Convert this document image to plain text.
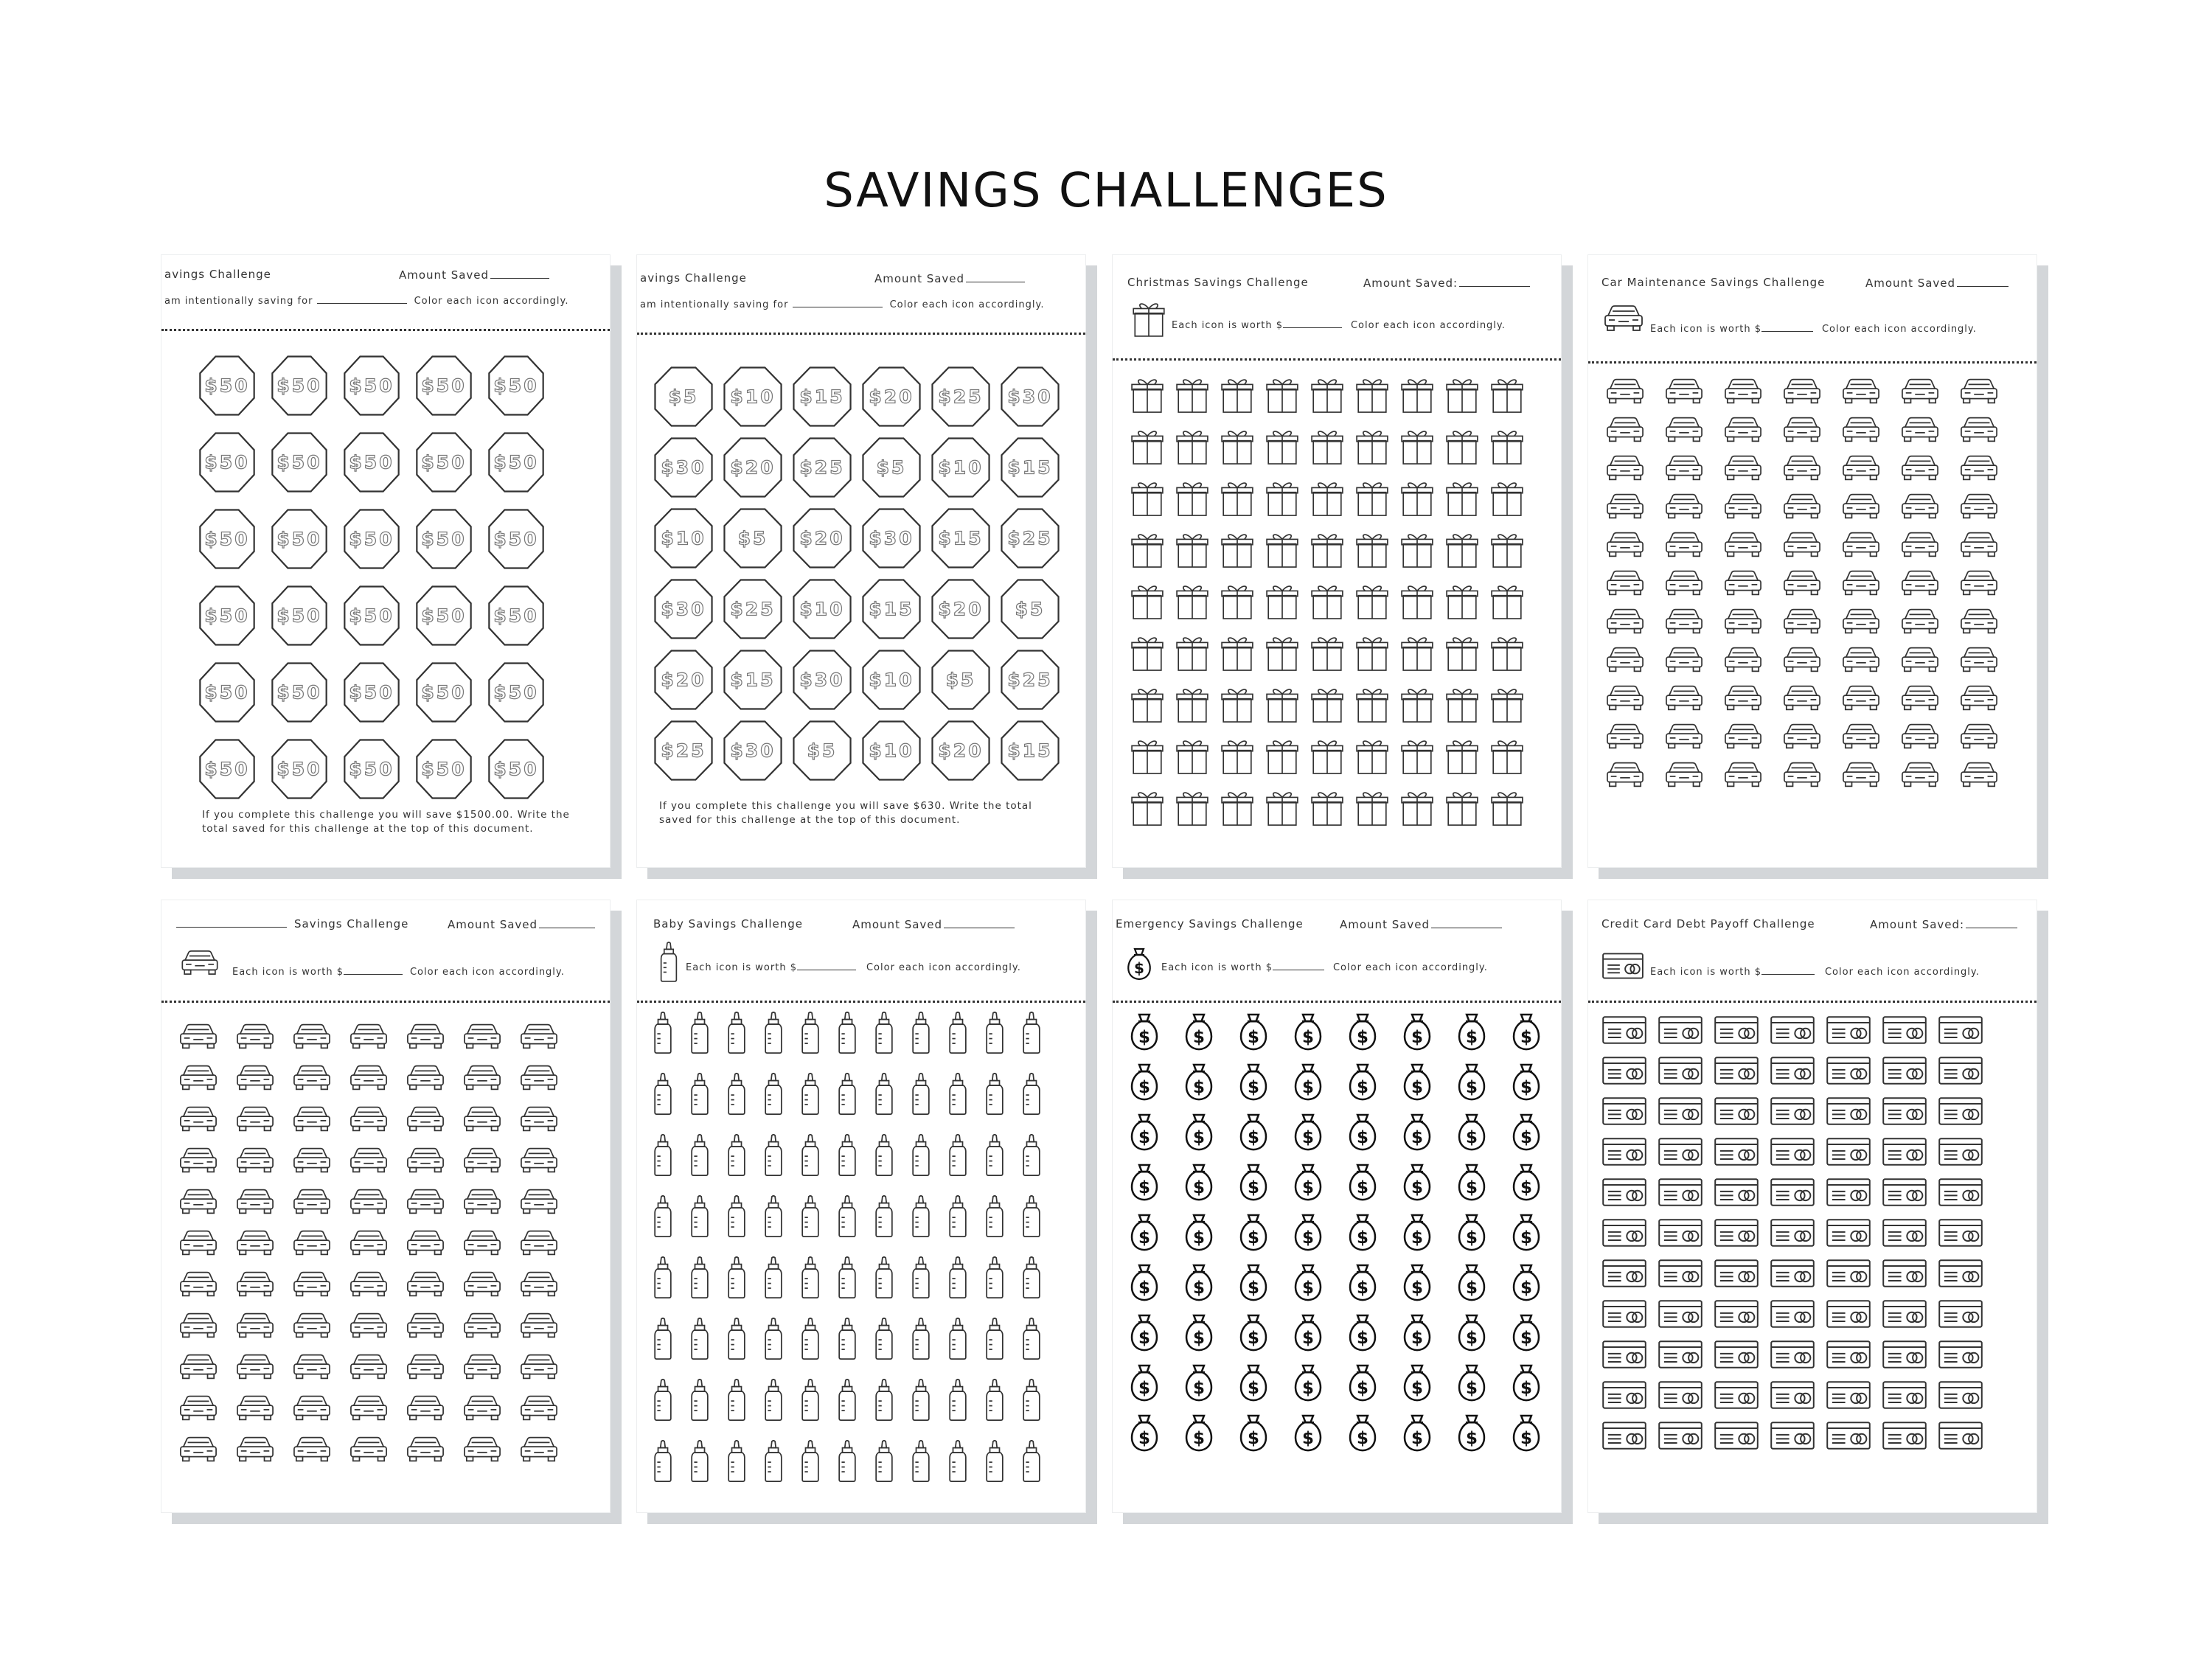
SAVINGS CHALLENGES
avings Challenge	Amount Saved
am intentionally saving for	Color each icon accordingly.
$50	$50	$50	$50	$50
$50	$50	$50	$50	$50
$50	$50	$50	$50	$50
$50	$50	$50	$50	$50
$50	$50	$50	$50	$50
$50	$50	$50	$50	$50
If you complete this challenge you will save $1500.00. Write the total saved for this challenge at the top of this document.
avings Challenge	Amount Saved
am intentionally saving for	Color each icon accordingly.
$5	$10	$15	$20	$25	$30
$30	$20	$25	$5	$10	$15
$10	$5	$20	$30	$15	$25
$30	$25	$10	$15	$20	$5
$20	$15	$30	$10	$5	$25
$25	$30	$5	$10	$20	$15
If you complete this challenge you will save $630. Write the total saved for this challenge at the top of this document.
Christmas Savings Challenge	Amount Saved:
Each icon is worth $	Color each icon accordingly.
Car Maintenance Savings Challenge	Amount Saved
Each icon is worth $	Color each icon accordingly.
Savings Challenge	Amount Saved
Each icon is worth $	Color each icon accordingly.
Baby Savings Challenge	Amount Saved
Each icon is worth $	Color each icon accordingly.
Emergency Savings Challenge	Amount Saved
$ Each icon is worth $	Color each icon accordingly.
$	$	$	$	$	$	$	$
$	$	$	$	$	$	$	$
$	$	$	$	$	$	$	$
$	$	$	$	$	$	$	$
$	$	$	$	$	$	$	$
$	$	$	$	$	$	$	$
$	$	$	$	$	$	$	$
$	$	$	$	$	$	$	$
$	$	$	$	$	$	$	$
Credit Card Debt Payoff Challenge	Amount Saved:
Each icon is worth $	Color each icon accordingly.
